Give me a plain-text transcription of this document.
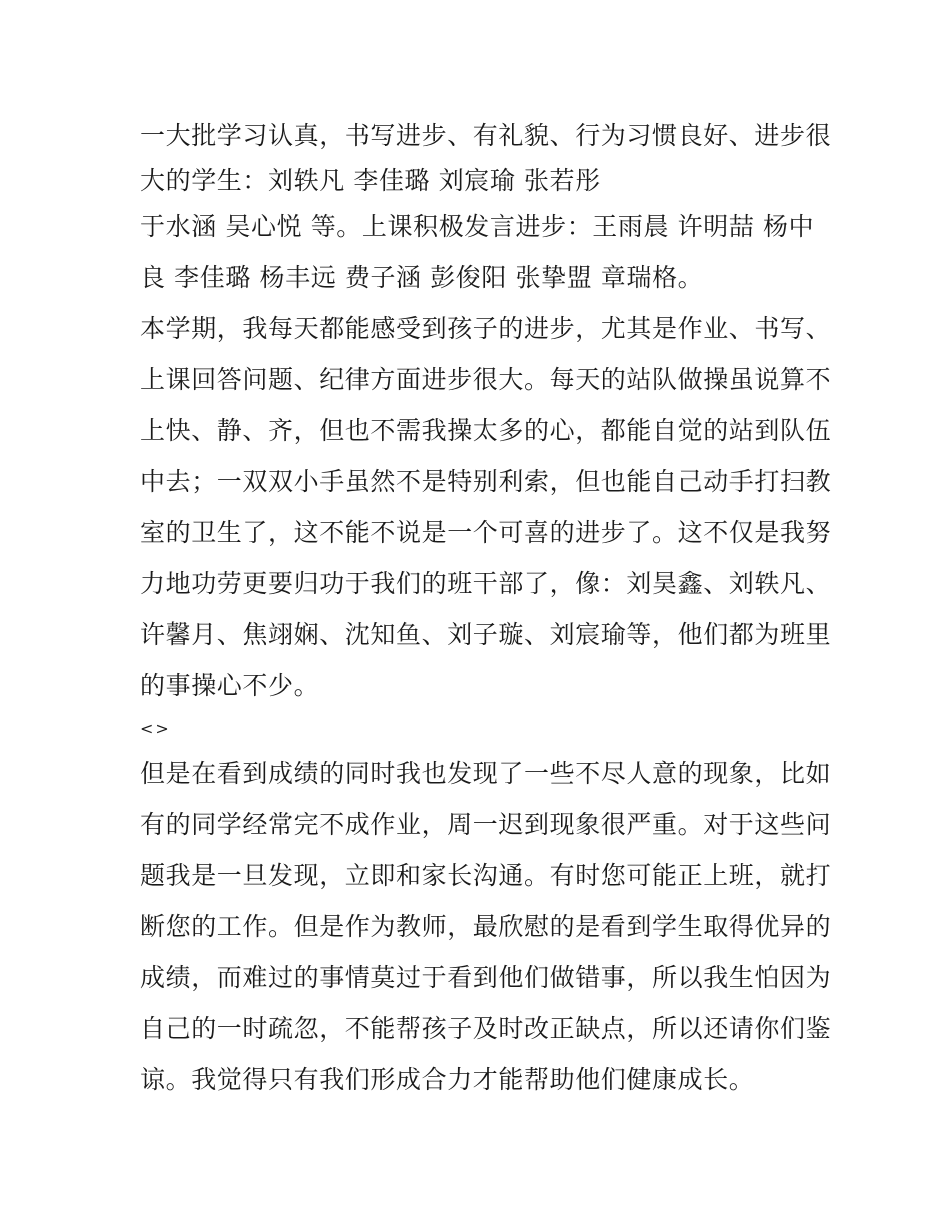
一大批学习认真，书写进步、有礼貌、行为习惯良好、进步很
大的学生：刘轶凡 李佳璐 刘宸瑜 张若彤
于水涵 吴心悦 等。上课积极发言进步：王雨晨 许明喆 杨中
良 李佳璐 杨丰远 费子涵 彭俊阳 张挚盟 章瑞格。
本学期，我每天都能感受到孩子的进步，尤其是作业、书写、
上课回答问题、纪律方面进步很大。每天的站队做操虽说算不
上快、静、齐，但也不需我操太多的心，都能自觉的站到队伍
中去；一双双小手虽然不是特别利索，但也能自己动手打扫教
室的卫生了，这不能不说是一个可喜的进步了。这不仅是我努
力地功劳更要归功于我们的班干部了，像：刘昊鑫、刘轶凡、
许馨月、焦翊娴、沈知鱼、刘子璇、刘宸瑜等，他们都为班里
的事操心不少。
<>
但是在看到成绩的同时我也发现了一些不尽人意的现象，比如
有的同学经常完不成作业，周一迟到现象很严重。对于这些问
题我是一旦发现，立即和家长沟通。有时您可能正上班，就打
断您的工作。但是作为教师，最欣慰的是看到学生取得优异的
成绩，而难过的事情莫过于看到他们做错事，所以我生怕因为
自己的一时疏忽，不能帮孩子及时改正缺点，所以还请你们鉴
谅。我觉得只有我们形成合力才能帮助他们健康成长。
